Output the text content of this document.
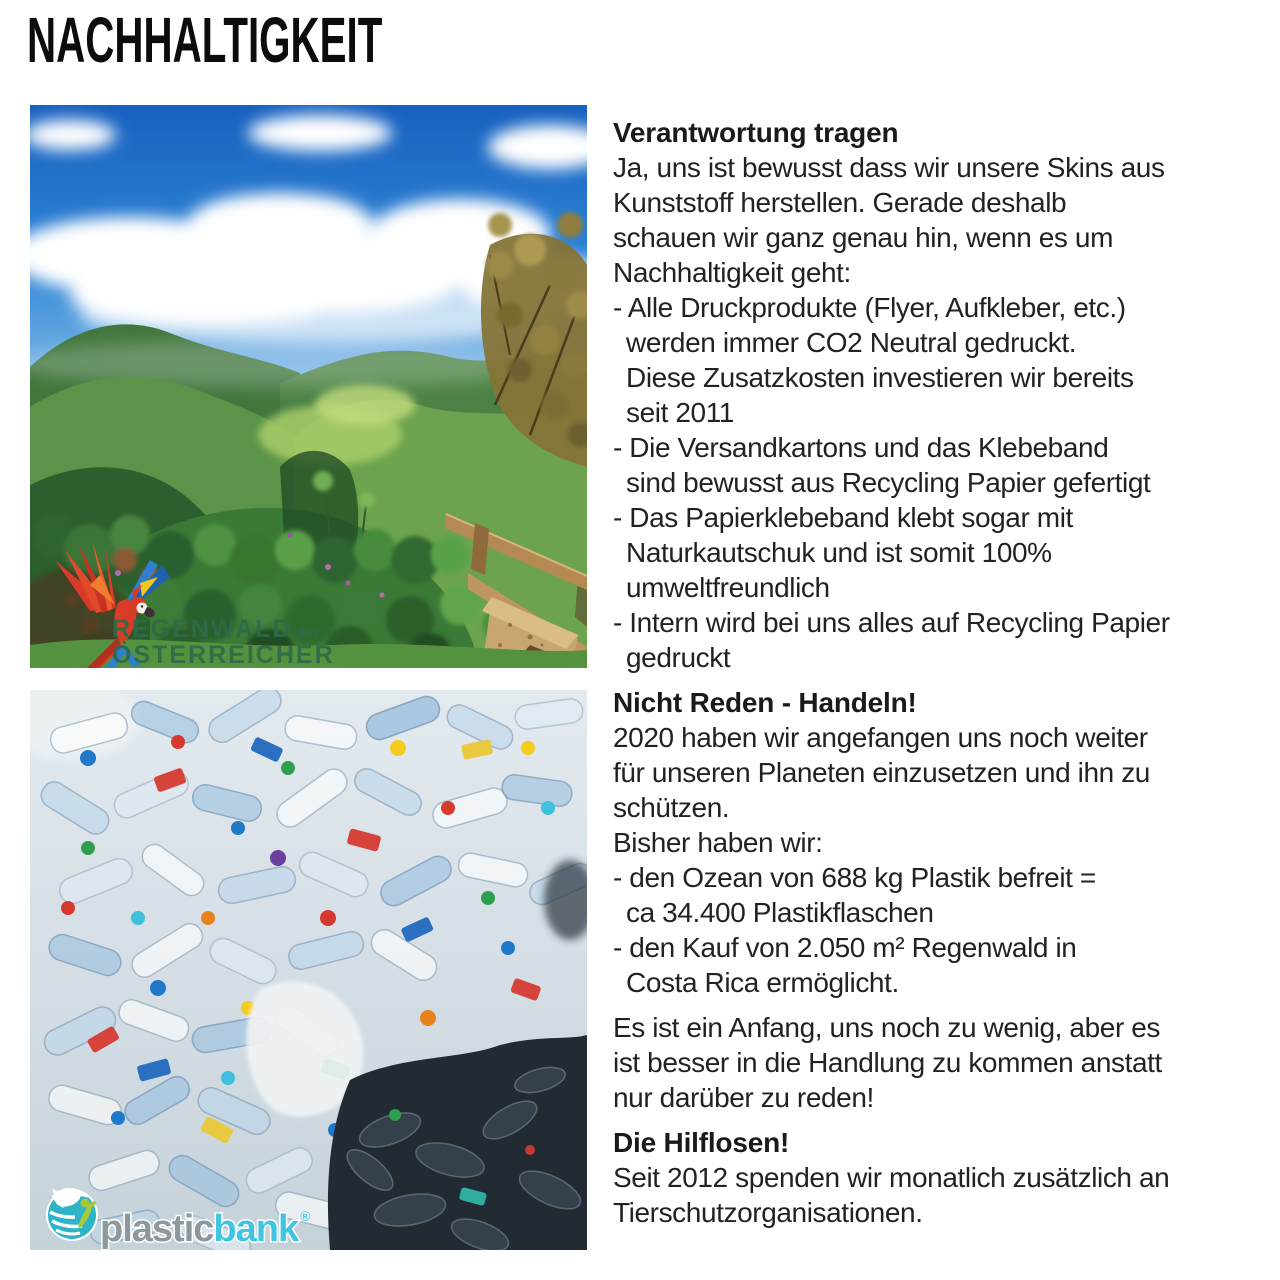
NACHHALTIGKEIT
REGENWALD der
ÖSTERREICHER
plasticbank ®
Verantwortung tragen
Ja, uns ist bewusst dass wir unsere Skins aus
Kunststoff herstellen. Gerade deshalb
schauen wir ganz genau hin, wenn es um
Nachhaltigkeit geht:
- Alle Druckprodukte (Flyer, Aufkleber, etc.)
werden immer CO2 Neutral gedruckt.
Diese Zusatzkosten investieren wir bereits
seit 2011
- Die Versandkartons und das Klebeband
sind bewusst aus Recycling Papier gefertigt
- Das Papierklebeband klebt sogar mit
Naturkautschuk und ist somit 100%
umweltfreundlich
- Intern wird bei uns alles auf Recycling Papier
gedruckt
Nicht Reden - Handeln!
2020 haben wir angefangen uns noch weiter
für unseren Planeten einzusetzen und ihn zu
schützen.
Bisher haben wir:
- den Ozean von 688 kg Plastik befreit =
ca 34.400 Plastikflaschen
- den Kauf von 2.050 m² Regenwald in
Costa Rica ermöglicht.
Es ist ein Anfang, uns noch zu wenig, aber es
ist besser in die Handlung zu kommen anstatt
nur darüber zu reden!
Die Hilflosen!
Seit 2012 spenden wir monatlich zusätzlich an
Tierschutzorganisationen.
